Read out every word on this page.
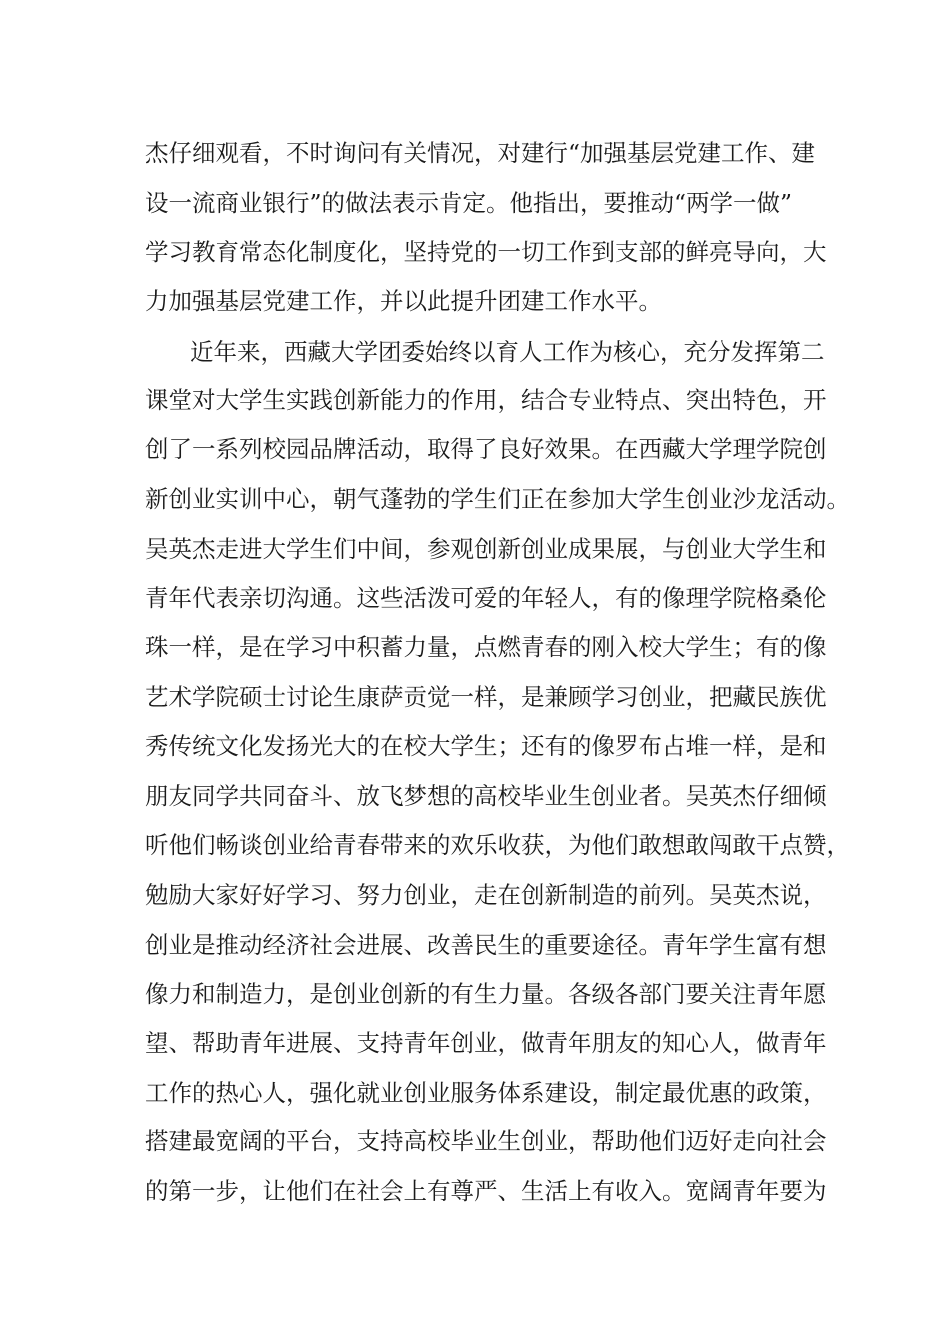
杰仔细观看，不时询问有关情况，对建行“加强基层党建工作、建
设一流商业银行”的做法表示肯定。他指出，要推动“两学一做”
学习教育常态化制度化，坚持党的一切工作到支部的鲜亮导向，大
力加强基层党建工作，并以此提升团建工作水平。
近年来，西藏大学团委始终以育人工作为核心，充分发挥第二
课堂对大学生实践创新能力的作用，结合专业特点、突出特色，开
创了一系列校园品牌活动，取得了良好效果。在西藏大学理学院创
新创业实训中心，朝气蓬勃的学生们正在参加大学生创业沙龙活动。
吴英杰走进大学生们中间，参观创新创业成果展，与创业大学生和
青年代表亲切沟通。这些活泼可爱的年轻人，有的像理学院格桑伦
珠一样，是在学习中积蓄力量，点燃青春的刚入校大学生；有的像
艺术学院硕士讨论生康萨贡觉一样，是兼顾学习创业，把藏民族优
秀传统文化发扬光大的在校大学生；还有的像罗布占堆一样，是和
朋友同学共同奋斗、放飞梦想的高校毕业生创业者。吴英杰仔细倾
听他们畅谈创业给青春带来的欢乐收获，为他们敢想敢闯敢干点赞，
勉励大家好好学习、努力创业，走在创新制造的前列。吴英杰说，
创业是推动经济社会进展、改善民生的重要途径。青年学生富有想
像力和制造力，是创业创新的有生力量。各级各部门要关注青年愿
望、帮助青年进展、支持青年创业，做青年朋友的知心人，做青年
工作的热心人，强化就业创业服务体系建设，制定最优惠的政策，
搭建最宽阔的平台，支持高校毕业生创业，帮助他们迈好走向社会
的第一步，让他们在社会上有尊严、生活上有收入。宽阔青年要为
